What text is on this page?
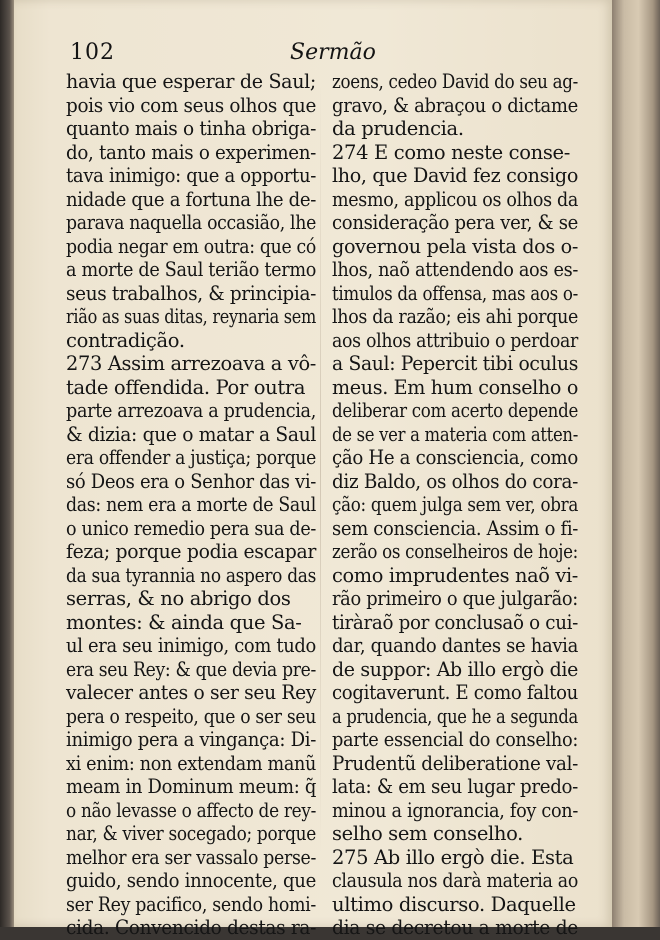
102	Sermão
havia que esperar de Saul;
pois vio com seus olhos que
quanto mais o tinha obriga-
do, tanto mais o experimen-
tava inimigo: que a opportu-
nidade que a fortuna lhe de-
parava naquella occasião, lhe
podia negar em outra: que có
a morte de Saul terião termo
seus trabalhos, & principia-
rião as suas ditas, reynaria sem
contradição.
273 Assim arrezoava a vô-
tade offendida. Por outra
parte arrezoava a prudencia,
& dizia: que o matar a Saul
era offender a justiça; porque
só Deos era o Senhor das vi-
das: nem era a morte de Saul
o unico remedio pera sua de-
feza; porque podia escapar
da sua tyrannia no aspero das
serras, & no abrigo dos
montes: & ainda que Sa-
ul era seu inimigo, com tudo
era seu Rey: & que devia pre-
valecer antes o ser seu Rey
pera o respeito, que o ser seu
inimigo pera a vingança: Di-
xi enim: non extendam manũ
meam in Dominum meum: q̃
o não levasse o affecto de rey-
nar, & viver socegado; porque
melhor era ser vassalo perse-
guido, sendo innocente, que
ser Rey pacifico, sendo homi-
cida. Convencido destas ra-
zoens, cedeo David do seu ag-
gravo, & abraçou o dictame
da prudencia.
274 E como neste conse-
lho, que David fez consigo
mesmo, applicou os olhos da
consideração pera ver, & se
governou pela vista dos o-
lhos, naõ attendendo aos es-
timulos da offensa, mas aos o-
lhos da razão; eis ahi porque
aos olhos attribuio o perdoar
a Saul: Pepercit tibi oculus
meus. Em hum conselho o
deliberar com acerto depende
de se ver a materia com atten-
ção He a consciencia, como
diz Baldo, os olhos do cora-
ção: quem julga sem ver, obra
sem consciencia. Assim o fi-
zerão os conselheiros de hoje:
como imprudentes naõ vi-
rão primeiro o que julgarão:
tiràraõ por conclusaõ o cui-
dar, quando dantes se havia
de suppor: Ab illo ergò die
cogitaverunt. E como faltou
a prudencia, que he a segunda
parte essencial do conselho:
Prudentũ deliberatione val-
lata: & em seu lugar predo-
minou a ignorancia, foy con-
selho sem conselho.
275 Ab illo ergò die. Esta
clausula nos darà materia ao
ultimo discurso. Daquelle
dia se decretou a morte de
